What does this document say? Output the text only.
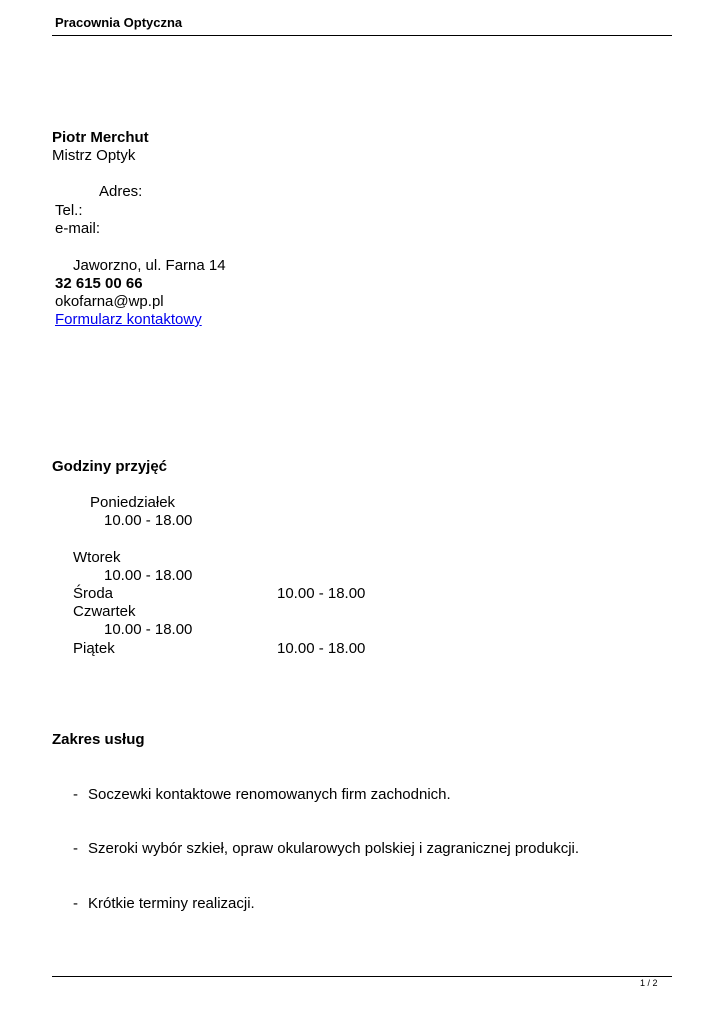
Pracownia Optyczna
Piotr Merchut
Mistrz Optyk
Adres:
Tel.:
e-mail:
Jaworzno, ul. Farna 14
32 615 00 66
okofarna@wp.pl
Formularz kontaktowy
Godziny przyjęć
Poniedziałek
10.00 - 18.00
Wtorek
10.00 - 18.00
Środa	10.00 - 18.00
Czwartek
10.00 - 18.00
Piątek	10.00 - 18.00
Zakres usług
- Soczewki kontaktowe renomowanych firm zachodnich.
- Szeroki wybór szkieł, opraw okularowych polskiej i zagranicznej produkcji.
- Krótkie terminy realizacji.
1 / 2
